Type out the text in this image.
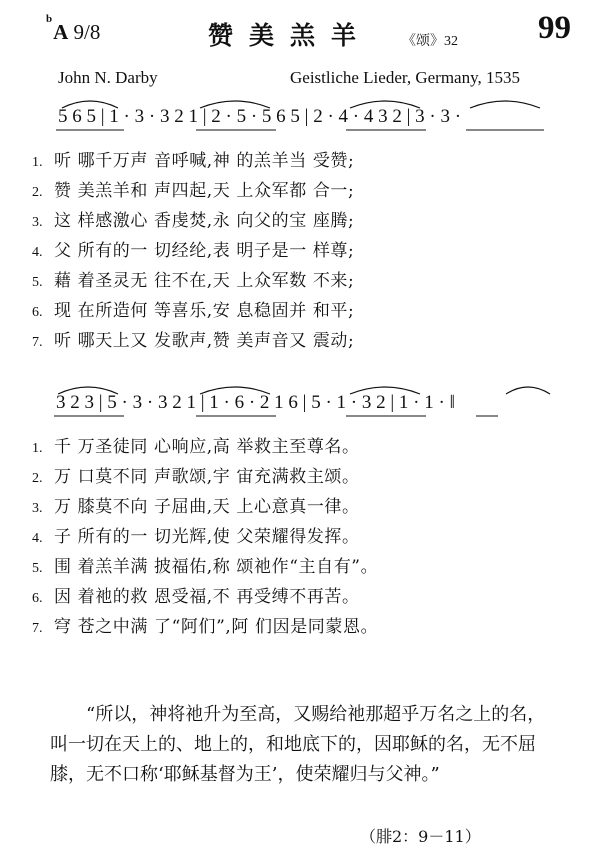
$^b$A 9/8	赞美羔羊 《颂》32 99
John N. Darby	Geistliche Lieder, Germany, 1535
5 6 5 | 1 · 3 · 3 2 1 | 2 · 5 · 5 6 5 | 2 · 4 · 4 3 2 | 3 · 3 ·
1. 听 哪千万声 音呼喊,神 的羔羊当 受赞;
2. 赞 美羔羊和 声四起,天 上众军都 合一;
3. 这 样感激心 香虔焚,永 向父的宝 座腾;
4. 父 所有的一 切经纶,表 明子是一 样尊;
5. 藉 着圣灵无 往不在,天 上众军数 不来;
6. 现 在所造何 等喜乐,安 息稳固并 和平;
7. 听 哪天上又 发歌声,赞 美声音又 震动;
3 2 3 | 5 · 3 · 3 2 1 | 1 · 6 · 2 1 6 | 5 · 1 · 3 2 | 1 · 1 · ‖
1. 千 万圣徒同 心响应,高 举救主至尊名。
2. 万 口莫不同 声歌颂,宇 宙充满救主颂。
3. 万 膝莫不向 子屈曲,天 上心意真一律。
4. 子 所有的一 切光辉,使 父荣耀得发挥。
5. 围 着羔羊满 披福佑,称 颂祂作“主自有”。
6. 因 着祂的救 恩受福,不 再受缚不再苦。
7. 穹 苍之中满 了“阿们”,阿 们因是同蒙恩。
“所以，神将祂升为至高，又赐给祂那超乎万名之上的名，叫一切在天上的、地上的，和地底下的，因耶稣的名，无不屈膝，无不口称‘耶稣基督为王’，使荣耀归与父神。”
（腓2：9－11）
